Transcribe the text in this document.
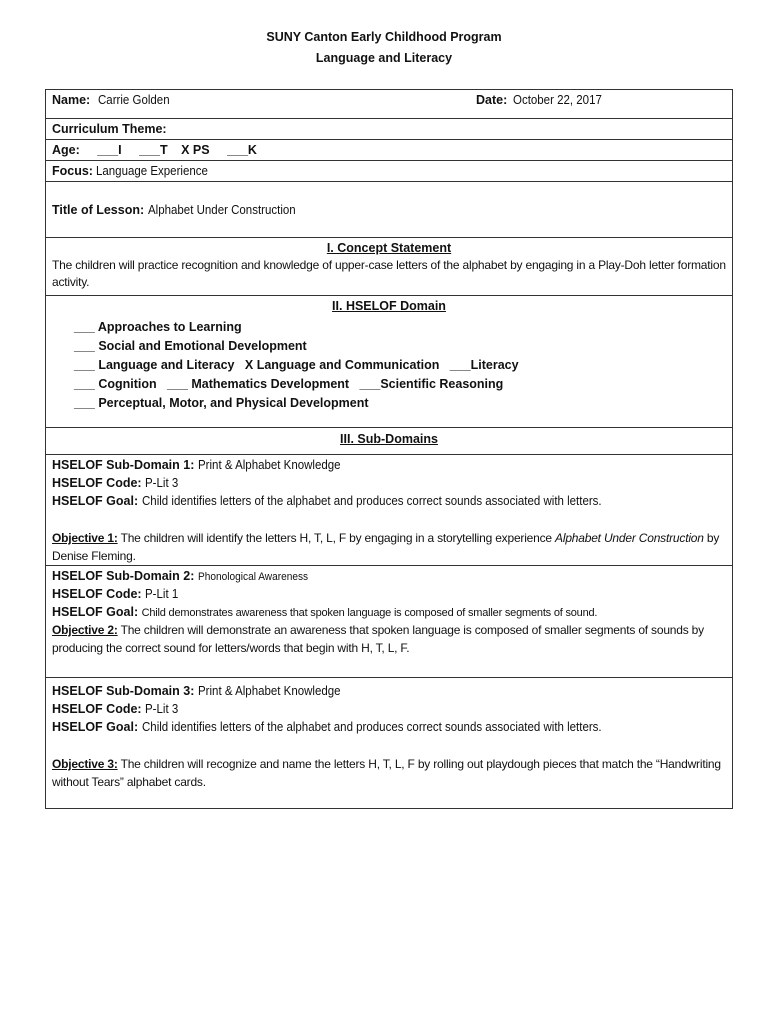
SUNY Canton Early Childhood Program
Language and Literacy
Name: Carrie Golden	Date: October 22, 2017
Curriculum Theme:
Age: ___I ___T X PS ___K
Focus: Language Experience
Title of Lesson: Alphabet Under Construction
I. Concept Statement
The children will practice recognition and knowledge of upper-case letters of the alphabet by engaging in a Play-Doh letter formation activity.
II. HSELOF Domain
___ Approaches to Learning
___ Social and Emotional Development
___ Language and Literacy   X Language and Communication   ___Literacy
___ Cognition   ___ Mathematics Development   ___Scientific Reasoning
___ Perceptual, Motor, and Physical Development
III. Sub-Domains
HSELOF Sub-Domain 1: Print & Alphabet Knowledge
HSELOF Code: P-Lit 3
HSELOF Goal: Child identifies letters of the alphabet and produces correct sounds associated with letters.
Objective 1: The children will identify the letters H, T, L, F by engaging in a storytelling experience Alphabet Under Construction by Denise Fleming.
HSELOF Sub-Domain 2: Phonological Awareness
HSELOF Code: P-Lit 1
HSELOF Goal: Child demonstrates awareness that spoken language is composed of smaller segments of sound.
Objective 2: The children will demonstrate an awareness that spoken language is composed of smaller segments of sounds by producing the correct sound for letters/words that begin with H, T, L, F.
HSELOF Sub-Domain 3: Print & Alphabet Knowledge
HSELOF Code: P-Lit 3
HSELOF Goal: Child identifies letters of the alphabet and produces correct sounds associated with letters.
Objective 3: The children will recognize and name the letters H, T, L, F by rolling out playdough pieces that match the “Handwriting without Tears” alphabet cards.
